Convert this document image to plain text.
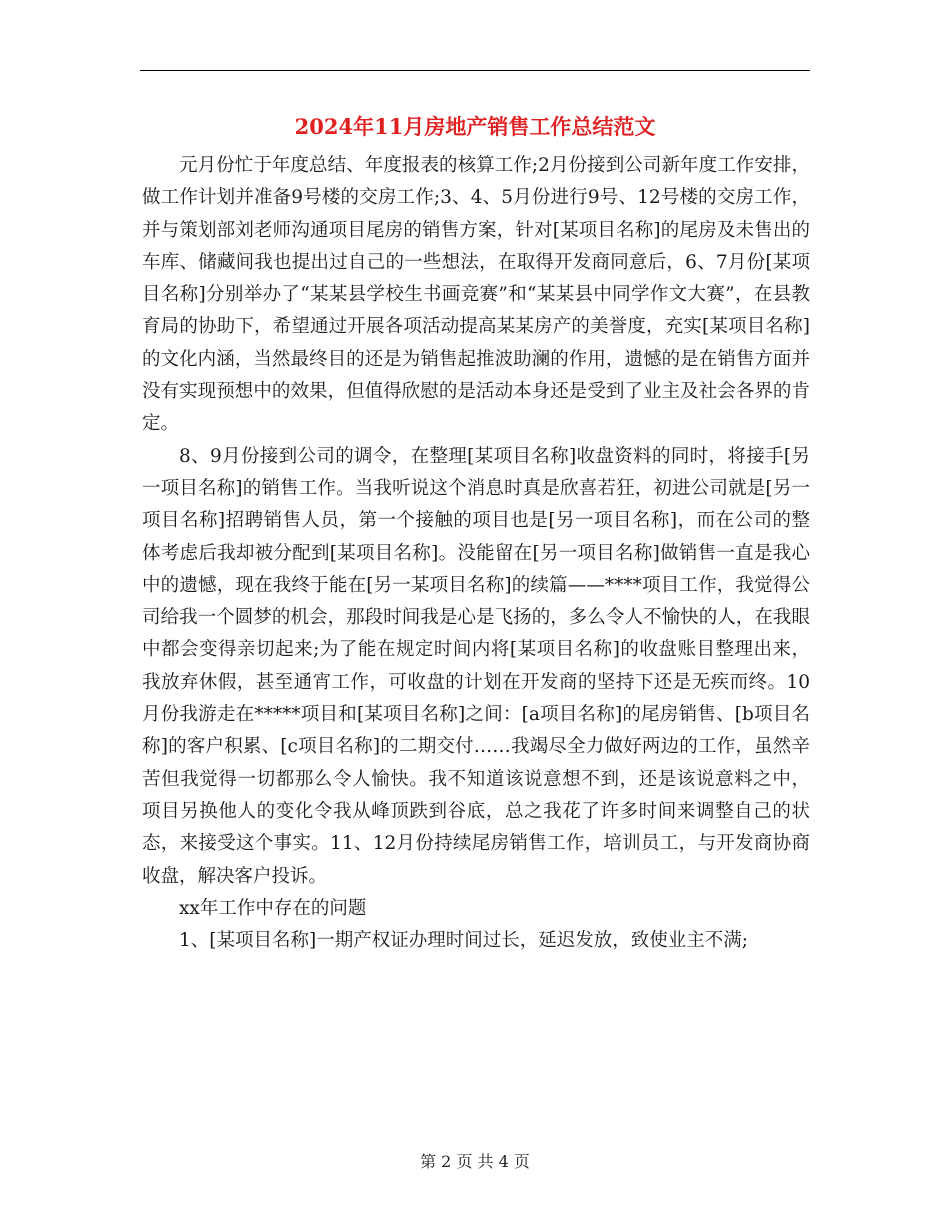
2024年11月房地产销售工作总结范文

元月份忙于年度总结、年度报表的核算工作;2月份接到公司新年度工作安排，做工作计划并准备9号楼的交房工作;3、4、5月份进行9号、12号楼的交房工作，并与策划部刘老师沟通项目尾房的销售方案，针对[某项目名称]的尾房及未售出的车库、储藏间我也提出过自己的一些想法，在取得开发商同意后，6、7月份[某项目名称]分别举办了“某某县学校生书画竞赛”和“某某县中同学作文大赛”，在县教育局的协助下，希望通过开展各项活动提高某某房产的美誉度，充实[某项目名称]的文化内涵，当然最终目的还是为销售起推波助澜的作用，遗憾的是在销售方面并没有实现预想中的效果，但值得欣慰的是活动本身还是受到了业主及社会各界的肯定。

8、9月份接到公司的调令，在整理[某项目名称]收盘资料的同时，将接手[另一项目名称]的销售工作。当我听说这个消息时真是欣喜若狂，初进公司就是[另一项目名称]招聘销售人员，第一个接触的项目也是[另一项目名称]，而在公司的整体考虑后我却被分配到[某项目名称]。没能留在[另一项目名称]做销售一直是我心中的遗憾，现在我终于能在[另一某项目名称]的续篇——****项目工作，我觉得公司给我一个圆梦的机会，那段时间我是心是飞扬的，多么令人不愉快的人，在我眼中都会变得亲切起来;为了能在规定时间内将[某项目名称]的收盘账目整理出来，我放弃休假，甚至通宵工作，可收盘的计划在开发商的坚持下还是无疾而终。10月份我游走在*****项目和[某项目名称]之间：[a项目名称]的尾房销售、[b项目名称]的客户积累、[c项目名称]的二期交付……我竭尽全力做好两边的工作，虽然辛苦但我觉得一切都那么令人愉快。我不知道该说意想不到，还是该说意料之中， 项目另换他人的变化令我从峰顶跌到谷底，总之我花了许多时间来调整自己的状态，来接受这个事实。11、12月份持续尾房销售工作，培训员工，与开发商协商收盘，解决客户投诉。

xx年工作中存在的问题

1、[某项目名称]一期产权证办理时间过长，延迟发放，致使业主不满;

第 2 页 共 4 页
